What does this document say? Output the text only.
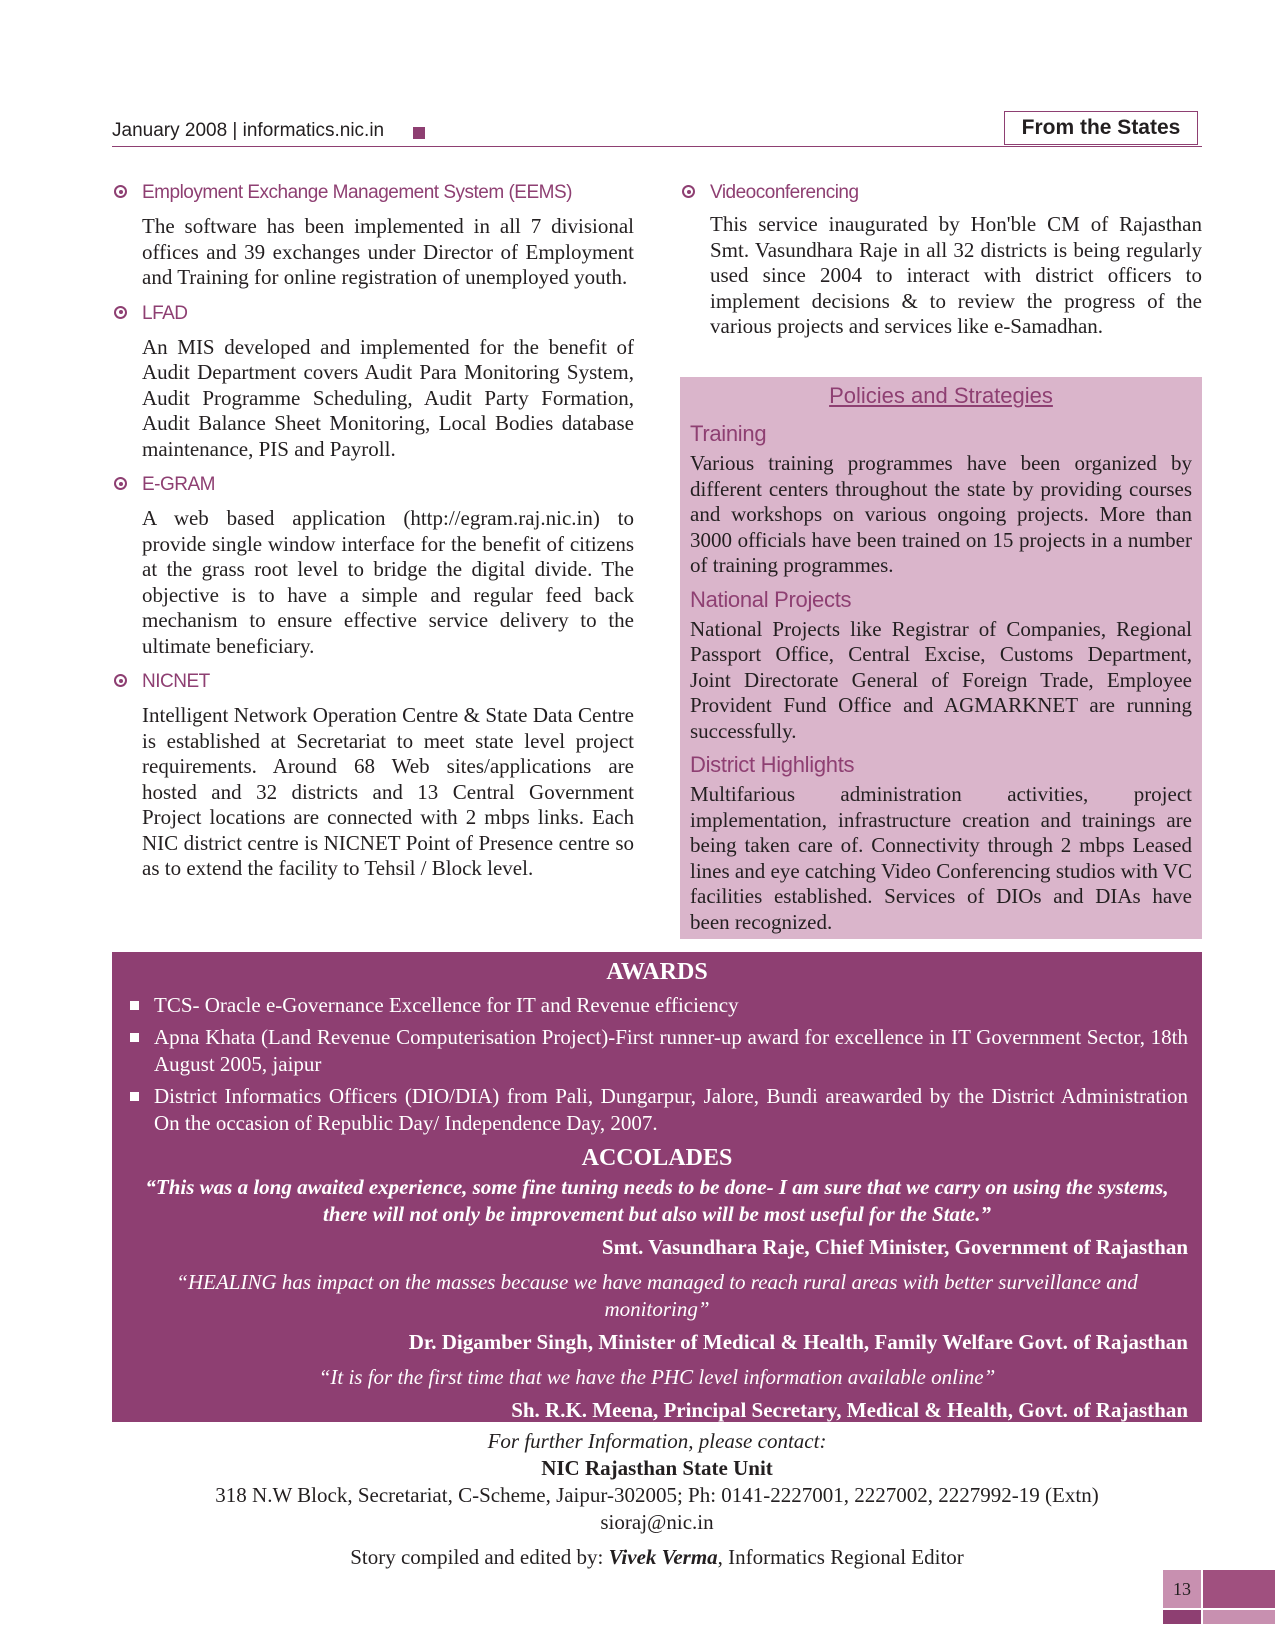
January 2008 | informatics.nic.in	From the States
Employment Exchange Management System (EEMS)
The software has been implemented in all 7 divisional offices and 39 exchanges under Director of Employment and Training for online registration of unemployed youth.
LFAD
An MIS developed and implemented for the benefit of Audit Department covers Audit Para Monitoring System, Audit Programme Scheduling, Audit Party Formation, Audit Balance Sheet Monitoring, Local Bodies database maintenance, PIS and Payroll.
E-GRAM
A web based application (http://egram.raj.nic.in) to provide single window interface for the benefit of citizens at the grass root level to bridge the digital divide. The objective is to have a simple and regular feed back mechanism to ensure effective service delivery to the ultimate beneficiary.
NICNET
Intelligent Network Operation Centre & State Data Centre is established at Secretariat to meet state level project requirements. Around 68 Web sites/applications are hosted and 32 districts and 13 Central Government Project locations are connected with 2 mbps links. Each NIC district centre is NICNET Point of Presence centre so as to extend the facility to Tehsil / Block level.
Videoconferencing
This service inaugurated by Hon'ble CM of Rajasthan Smt. Vasundhara Raje in all 32 districts is being regularly used since 2004 to interact with district officers to implement decisions & to review the progress of the various projects and services like e-Samadhan.
Policies and Strategies
Training
Various training programmes have been organized by different centers throughout the state by providing courses and workshops on various ongoing projects. More than 3000 officials have been trained on 15 projects in a number of training programmes.
National Projects
National Projects like Registrar of Companies, Regional Passport Office, Central Excise, Customs Department, Joint Directorate General of Foreign Trade, Employee Provident Fund Office and AGMARKNET are running successfully.
District Highlights
Multifarious administration activities, project implementation, infrastructure creation and trainings are being taken care of. Connectivity through 2 mbps Leased lines and eye catching Video Conferencing studios with VC facilities established. Services of DIOs and DIAs have been recognized.
AWARDS
TCS- Oracle e-Governance Excellence for IT and Revenue efficiency
Apna Khata (Land Revenue Computerisation Project)-First runner-up award for excellence in IT Government Sector, 18th August 2005, jaipur
District Informatics Officers (DIO/DIA) from Pali, Dungarpur, Jalore, Bundi areawarded by the District Administration On the occasion of Republic Day/ Independence Day, 2007.
ACCOLADES
“This was a long awaited experience, some fine tuning needs to be done- I am sure that we carry on using the systems, there will not only be improvement but also will be most useful for the State.”
Smt. Vasundhara Raje, Chief Minister, Government of Rajasthan
“HEALING has impact on the masses because we have managed to reach rural areas with better surveillance and monitoring”
Dr. Digamber Singh, Minister of Medical & Health, Family Welfare Govt. of Rajasthan
“It is for the first time that we have the PHC level information available online”
Sh. R.K. Meena, Principal Secretary, Medical & Health, Govt. of Rajasthan
For further Information, please contact:
NIC Rajasthan State Unit
318 N.W Block, Secretariat, C-Scheme, Jaipur-302005; Ph: 0141-2227001, 2227002, 2227992-19 (Extn)
sioraj@nic.in
Story compiled and edited by: Vivek Verma, Informatics Regional Editor
13
